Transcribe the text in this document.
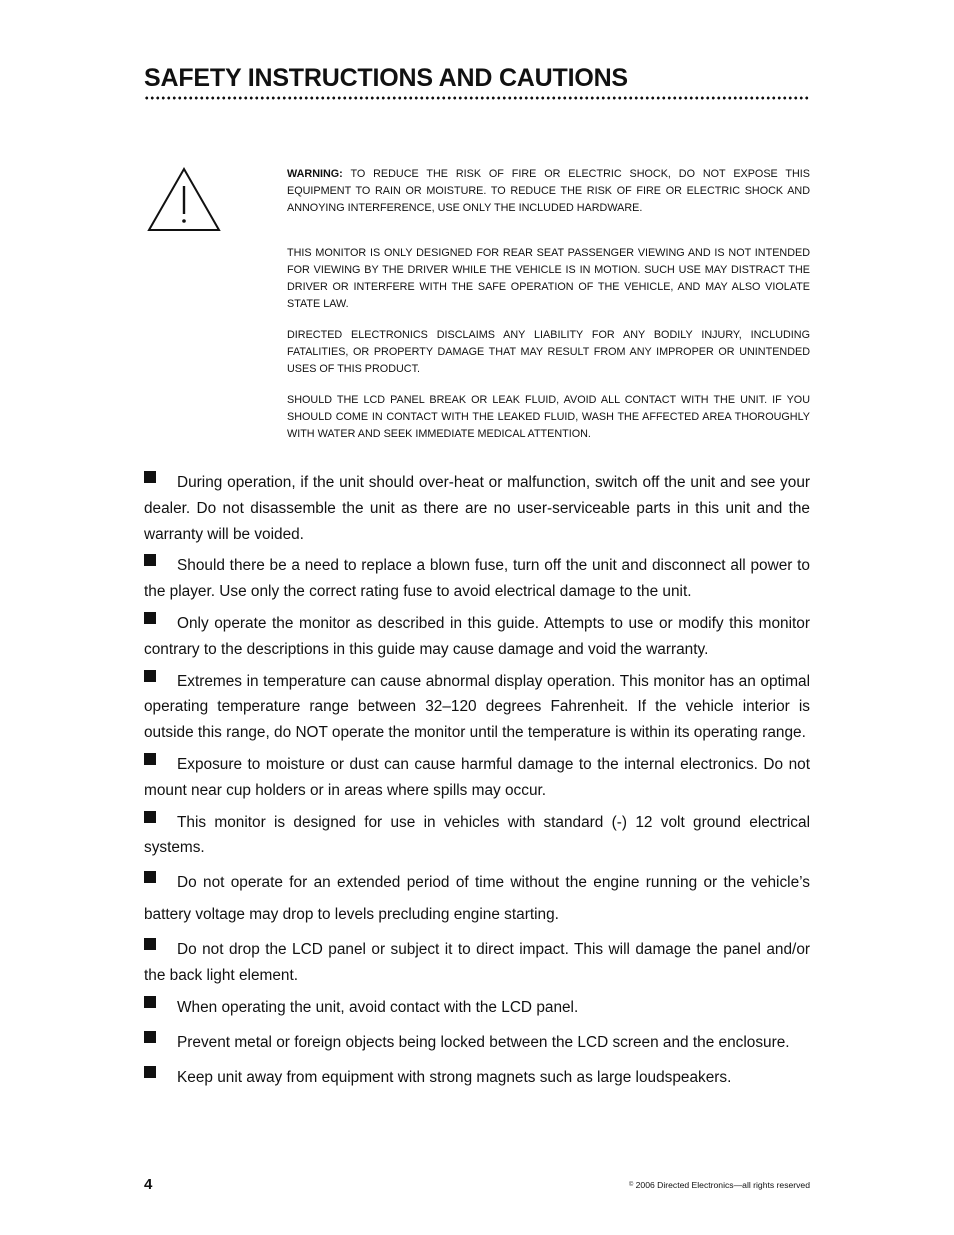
SAFETY INSTRUCTIONS AND CAUTIONS

WARNING: TO REDUCE THE RISK OF FIRE OR ELECTRIC SHOCK, DO NOT EXPOSE THIS EQUIPMENT TO RAIN OR MOISTURE. TO REDUCE THE RISK OF FIRE OR ELECTRIC SHOCK AND ANNOYING INTERFERENCE, USE ONLY THE INCLUDED HARDWARE.

THIS MONITOR IS ONLY DESIGNED FOR REAR SEAT PASSENGER VIEWING AND IS NOT INTENDED FOR VIEWING BY THE DRIVER WHILE THE VEHICLE IS IN MOTION. SUCH USE MAY DISTRACT THE DRIVER OR INTERFERE WITH THE SAFE OPERATION OF THE VEHICLE, AND MAY ALSO VIOLATE STATE LAW.

DIRECTED ELECTRONICS DISCLAIMS ANY LIABILITY FOR ANY BODILY INJURY, INCLUDING FATALITIES, OR PROPERTY DAMAGE THAT MAY RESULT FROM ANY IMPROPER OR UNINTENDED USES OF THIS PRODUCT.

SHOULD THE LCD PANEL BREAK OR LEAK FLUID, AVOID ALL CONTACT WITH THE UNIT. IF YOU SHOULD COME IN CONTACT WITH THE LEAKED FLUID, WASH THE AFFECTED AREA THOROUGHLY WITH WATER AND SEEK IMMEDIATE MEDICAL ATTENTION.

During operation, if the unit should over-heat or malfunction, switch off the unit and see your dealer. Do not disassemble the unit as there are no user-serviceable parts in this unit and the warranty will be voided.
Should there be a need to replace a blown fuse, turn off the unit and disconnect all power to the player. Use only the correct rating fuse to avoid electrical damage to the unit.
Only operate the monitor as described in this guide. Attempts to use or modify this monitor contrary to the descriptions in this guide may cause damage and void the warranty.
Extremes in temperature can cause abnormal display operation. This monitor has an optimal operating temperature range between 32–120 degrees Fahrenheit. If the vehicle interior is outside this range, do NOT operate the monitor until the temperature is within its operating range.
Exposure to moisture or dust can cause harmful damage to the internal electronics. Do not mount near cup holders or in areas where spills may occur.
This monitor is designed for use in vehicles with standard (-) 12 volt ground electrical systems.
Do not operate for an extended period of time without the engine running or the vehicle’s battery voltage may drop to levels precluding engine starting.
Do not drop the LCD panel or subject it to direct impact. This will damage the panel and/or the back light element.
When operating the unit, avoid contact with the LCD panel.
Prevent metal or foreign objects being locked between the LCD screen and the enclosure.
Keep unit away from equipment with strong magnets such as large loudspeakers.
4	© 2006 Directed Electronics—all rights reserved
